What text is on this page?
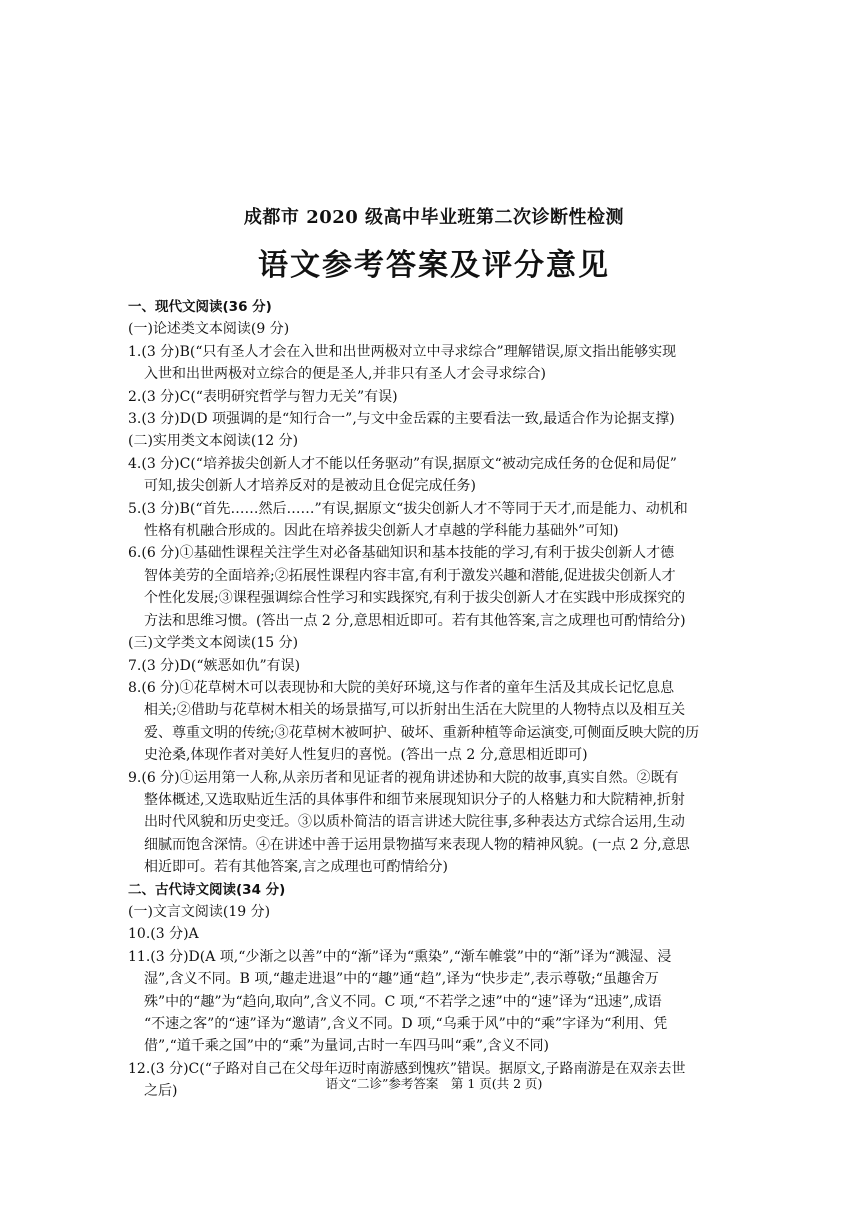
成都市 2020 级高中毕业班第二次诊断性检测
语文参考答案及评分意见
一、现代文阅读(36 分)
(一)论述类文本阅读(9 分)
1.(3 分)B(“只有圣人才会在入世和出世两极对立中寻求综合”理解错误,原文指出能够实现
入世和出世两极对立综合的便是圣人,并非只有圣人才会寻求综合)
2.(3 分)C(“表明研究哲学与智力无关”有误)
3.(3 分)D(D 项强调的是“知行合一”,与文中金岳霖的主要看法一致,最适合作为论据支撑)
(二)实用类文本阅读(12 分)
4.(3 分)C(“培养拔尖创新人才不能以任务驱动”有误,据原文“被动完成任务的仓促和局促”
可知,拔尖创新人才培养反对的是被动且仓促完成任务)
5.(3 分)B(“首先……然后……”有误,据原文“拔尖创新人才不等同于天才,而是能力、动机和
性格有机融合形成的。因此在培养拔尖创新人才卓越的学科能力基础外”可知)
6.(6 分)①基础性课程关注学生对必备基础知识和基本技能的学习,有利于拔尖创新人才德
智体美劳的全面培养;②拓展性课程内容丰富,有利于激发兴趣和潜能,促进拔尖创新人才
个性化发展;③课程强调综合性学习和实践探究,有利于拔尖创新人才在实践中形成探究的
方法和思维习惯。(答出一点 2 分,意思相近即可。若有其他答案,言之成理也可酌情给分)
(三)文学类文本阅读(15 分)
7.(3 分)D(“嫉恶如仇”有误)
8.(6 分)①花草树木可以表现协和大院的美好环境,这与作者的童年生活及其成长记忆息息
相关;②借助与花草树木相关的场景描写,可以折射出生活在大院里的人物特点以及相互关
爱、尊重文明的传统;③花草树木被呵护、破坏、重新种植等命运演变,可侧面反映大院的历
史沧桑,体现作者对美好人性复归的喜悦。(答出一点 2 分,意思相近即可)
9.(6 分)①运用第一人称,从亲历者和见证者的视角讲述协和大院的故事,真实自然。②既有
整体概述,又选取贴近生活的具体事件和细节来展现知识分子的人格魅力和大院精神,折射
出时代风貌和历史变迁。③以质朴简洁的语言讲述大院往事,多种表达方式综合运用,生动
细腻而饱含深情。④在讲述中善于运用景物描写来表现人物的精神风貌。(一点 2 分,意思
相近即可。若有其他答案,言之成理也可酌情给分)
二、古代诗文阅读(34 分)
(一)文言文阅读(19 分)
10.(3 分)A
11.(3 分)D(A 项,“少渐之以善”中的“渐”译为“熏染”,“渐车帷裳”中的“渐”译为“溅湿、浸
湿”,含义不同。B 项,“趣走进退”中的“趣”通“趋”,译为“快步走”,表示尊敬;“虽趣舍万
殊”中的“趣”为“趋向,取向”,含义不同。C 项,“不若学之速”中的“速”译为“迅速”,成语
“不速之客”的“速”译为“邀请”,含义不同。D 项,“乌乘于风”中的“乘”字译为“利用、凭
借”,“道千乘之国”中的“乘”为量词,古时一车四马叫“乘”,含义不同)
12.(3 分)C(“子路对自己在父母年迈时南游感到愧疚”错误。据原文,子路南游是在双亲去世
之后)	语文“二诊”参考答案　第 1 页(共 2 页)
